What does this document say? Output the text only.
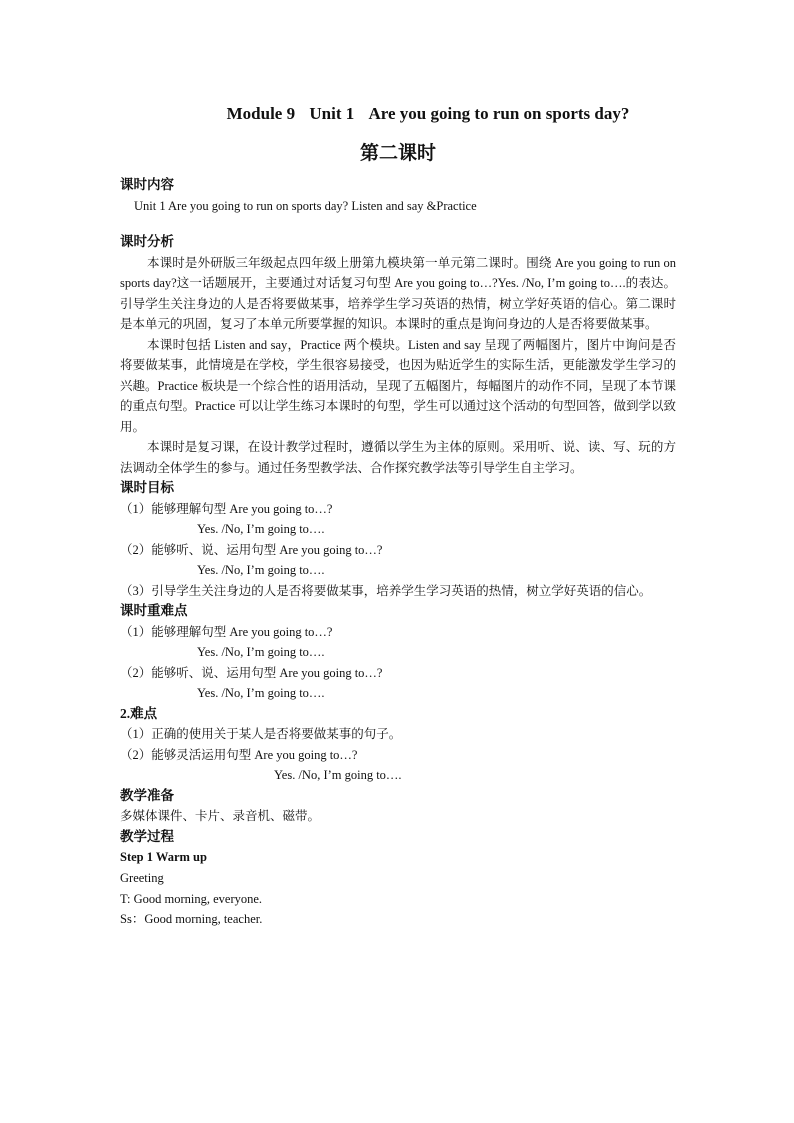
Module 9 Unit 1 Are you going to run on sports day?
第二课时

课时内容

Unit 1 Are you going to run on sports day? Listen and say &Practice

课时分析

本课时是外研版三年级起点四年级上册第九模块第一单元第二课时。围绕 Are you going to run on sports day?这一话题展开，主要通过对话复习句型 Are you going to…?Yes. /No, I’m going to….的表达。引导学生关注身边的人是否将要做某事，培养学生学习英语的热情，树立学好英语的信心。第二课时是本单元的巩固，复习了本单元所要掌握的知识。本课时的重点是询问身边的人是否将要做某事。

本课时包括 Listen and say，Practice 两个模块。Listen and say 呈现了两幅图片，图片中询问是否将要做某事，此情境是在学校，学生很容易接受，也因为贴近学生的实际生活，更能激发学生学习的兴趣。Practice 板块是一个综合性的语用活动，呈现了五幅图片，每幅图片的动作不同，呈现了本节课的重点句型。Practice 可以让学生练习本课时的句型，学生可以通过这个活动的句型回答，做到学以致用。

本课时是复习课，在设计教学过程时，遵循以学生为主体的原则。采用听、说、读、写、玩的方法调动全体学生的参与。通过任务型教学法、合作探究教学法等引导学生自主学习。

课时目标

（1）能够理解句型 Are you going to…?

Yes. /No, I’m going to….

（2）能够听、说、运用句型 Are you going to…?

Yes. /No, I’m going to….

（3）引导学生关注身边的人是否将要做某事，培养学生学习英语的热情，树立学好英语的信心。

课时重难点

（1）能够理解句型 Are you going to…?

Yes. /No, I’m going to….

（2）能够听、说、运用句型 Are you going to…?

Yes. /No, I’m going to….

2.难点

（1）正确的使用关于某人是否将要做某事的句子。

（2）能够灵活运用句型 Are you going to…?

Yes. /No, I’m going to….

教学准备

多媒体课件、卡片、录音机、磁带。

教学过程

Step 1 Warm up

Greeting

T: Good morning, everyone.

Ss：Good morning, teacher.
